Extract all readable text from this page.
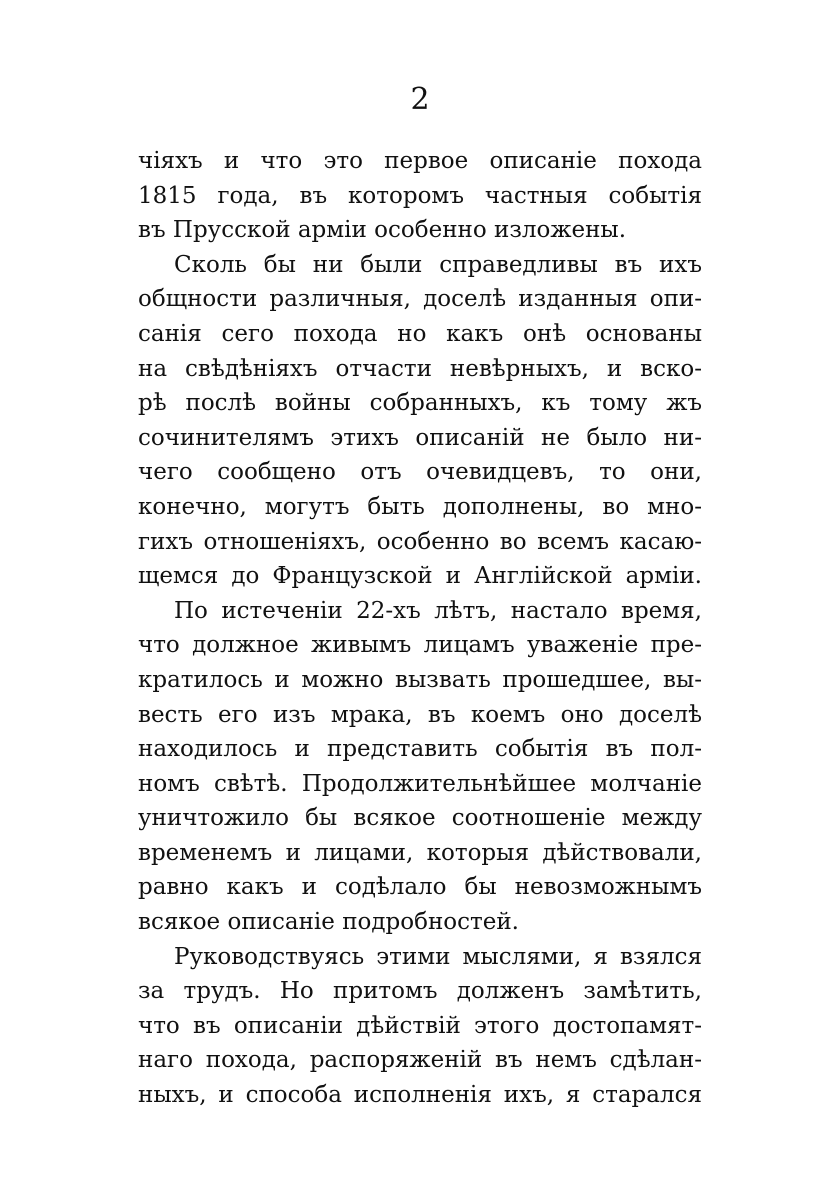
2
чіяхъ и что это первое описаніе похода
1815 года, въ которомъ частныя событія
въ Прусской арміи особенно изложены.
Сколь бы ни были справедливы въ ихъ
общности различныя, доселѣ изданныя опи-
санія сего похода но какъ онѣ основаны
на свѣдѣніяхъ отчасти невѣрныхъ, и вско-
рѣ послѣ войны собранныхъ, къ тому жъ
сочинителямъ этихъ описаній не было ни-
чего сообщено отъ очевидцевъ, то они,
конечно, могутъ быть дополнены, во мно-
гихъ отношеніяхъ, особенно во всемъ касаю-
щемся до Французской и Англійской арміи.
По истеченіи 22-хъ лѣтъ, настало время,
что должное живымъ лицамъ уваженіе пре-
кратилось и можно вызвать прошедшее, вы-
весть его изъ мрака, въ коемъ оно доселѣ
находилось и представить событія въ пол-
номъ свѣтѣ. Продолжительнѣйшее молчаніе
уничтожило бы всякое соотношеніе между
временемъ и лицами, которыя дѣйствовали,
равно какъ и содѣлало бы невозможнымъ
всякое описаніе подробностей.
Руководствуясь этими мыслями, я взялся
за трудъ. Но притомъ долженъ замѣтить,
что въ описаніи дѣйствій этого достопамят-
наго похода, распоряженій въ немъ сдѣлан-
ныхъ, и способа исполненія ихъ, я старался
